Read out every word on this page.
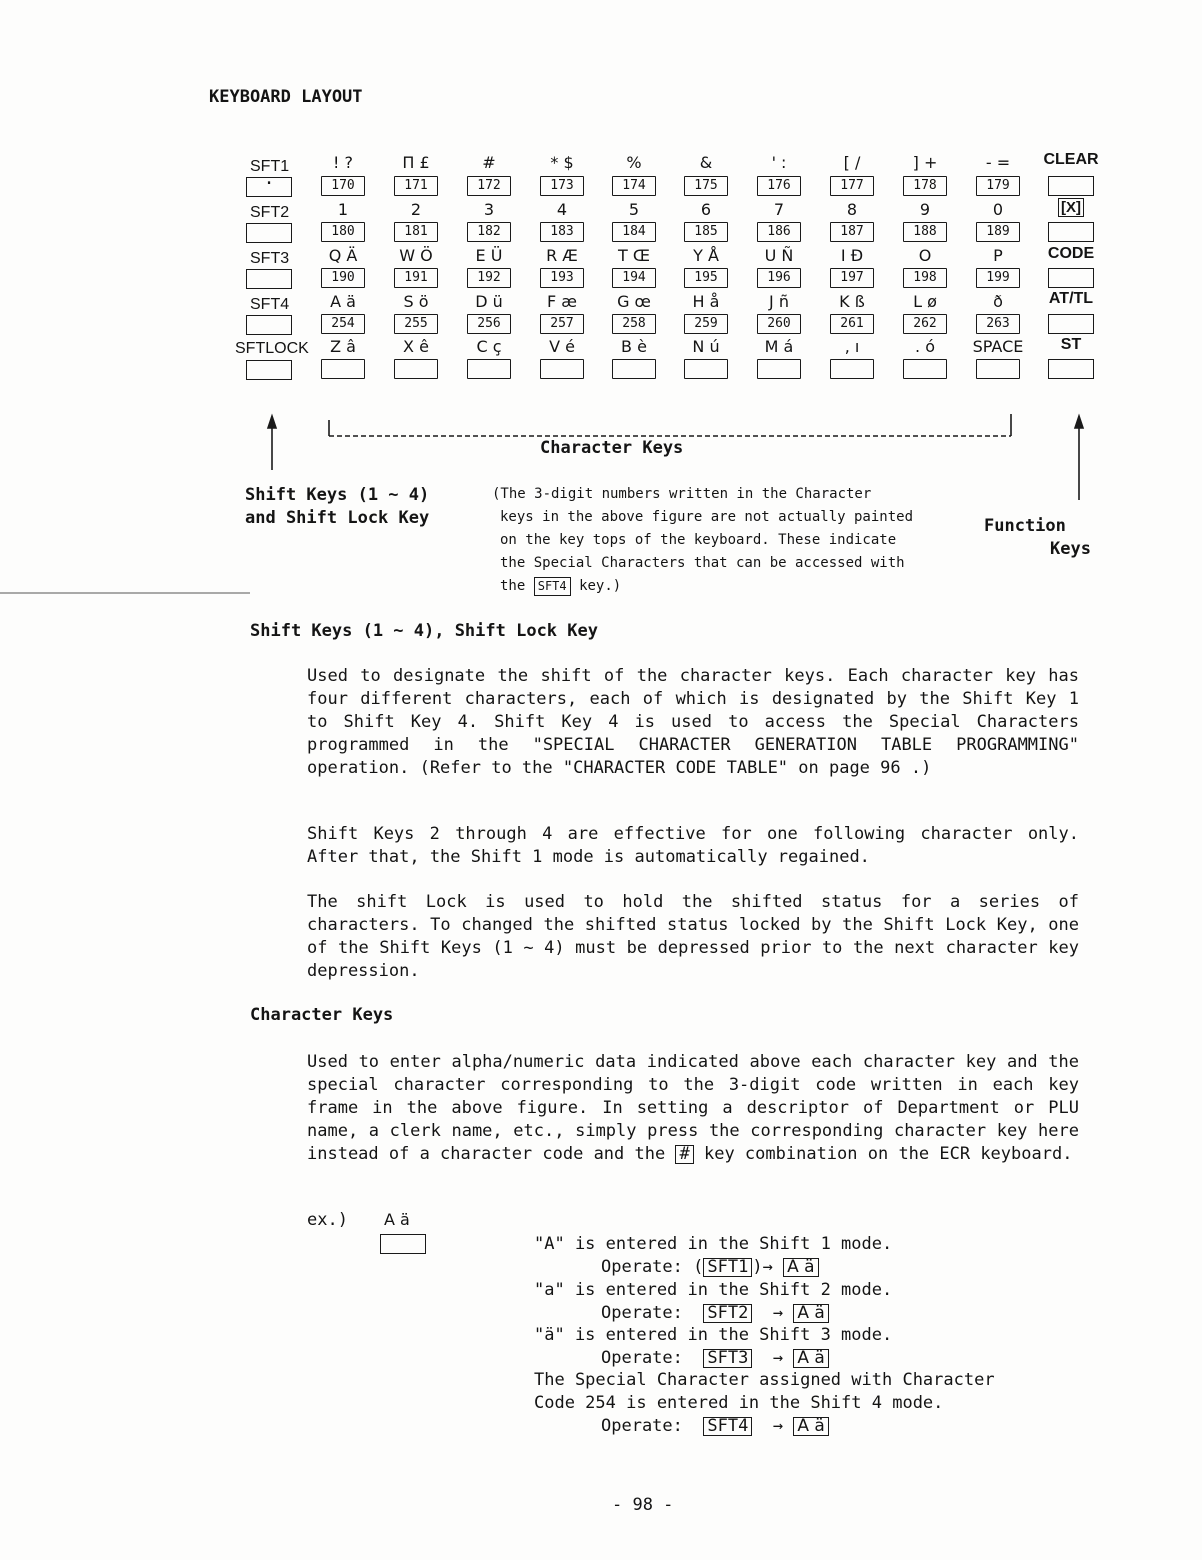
KEYBOARD LAYOUT
! ?
170
1
180
Q Ä
190
A ä
254
Z â
Π £
171
2
181
W Ö
191
S ö
255
X ê
#
172
3
182
E Ü
192
D ü
256
C ç
* $
173
4
183
R Æ
193
F æ
257
V é
%
174
5
184
T Œ
194
G œ
258
B è
&
175
6
185
Y Å
195
H å
259
N ú
' :
176
7
186
U Ñ
196
J ñ
260
M á
[ /
177
8
187
I Ð
197
K ß
261
, ı
] +
178
9
188
O
198
L ø
262
. ó
- =
179
0
189
P
199
ð
263
SPACE
SFT1
·
SFT2
SFT3
SFT4
SFTLOCK
CLEAR
[X]
CODE
AT/TL
ST
Character Keys
Shift Keys (1 ~ 4)
and Shift Lock Key
(The 3-digit numbers written in the Character
keys in the above figure are not actually painted
on the key tops of the keyboard. These indicate
the Special Characters that can be accessed with
the SFT4 key.)
Function
Keys
Shift Keys (1 ~ 4), Shift Lock Key
Used to designate the shift of the character keys. Each character key has four different characters, each of which is designated by the Shift Key 1 to Shift Key 4. Shift Key 4 is used to access the Special Characters programmed in the "SPECIAL CHARACTER GENERATION TABLE PROGRAMMING" operation. (Refer to the "CHARACTER CODE TABLE" on page 96 .)
Shift Keys 2 through 4 are effective for one following character only. After that, the Shift 1 mode is automatically regained.
The shift Lock is used to hold the shifted status for a series of characters. To changed the shifted status locked by the Shift Lock Key, one of the Shift Keys (1 ~ 4) must be depressed prior to the next character key depression.
Character Keys
Used to enter alpha/numeric data indicated above each character key and the special character corresponding to the 3-digit code written in each key frame in the above figure. In setting a descriptor of Department or PLU name, a clerk name, etc., simply press the corresponding character key here instead of a character code and the # key combination on the ECR keyboard.
ex.) A ä
"A" is entered in the Shift 1 mode.
Operate: ( SFT1 )→ A ä
"a" is entered in the Shift 2 mode.
Operate: SFT2 → A ä
"ä" is entered in the Shift 3 mode.
Operate: SFT3 → A ä
The Special Character assigned with Character
Code 254 is entered in the Shift 4 mode.
Operate: SFT4 → A ä
- 98 -
